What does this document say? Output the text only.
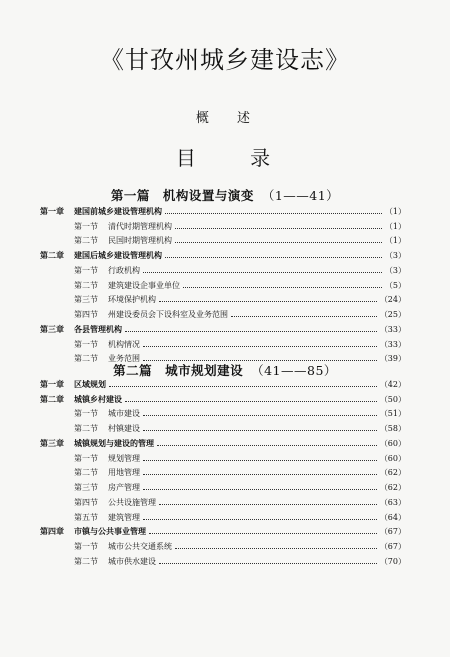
《甘孜州城乡建设志》
概 述
目 录
第一篇　机构设置与演变 （1——41）
第一章	建国前城乡建设管理机构	（1）
第一节	清代时期管理机构	（1）
第二节	民国时期管理机构	（1）
第二章	建国后城乡建设管理机构	（3）
第一节	行政机构	（3）
第二节	建筑建设企事业单位	（5）
第三节	环境保护机构	（24）
第四节	州建设委员会下设科室及业务范围	（25）
第三章	各县管理机构	（33）
第一节	机构情况	（33）
第二节	业务范围	（39）
第二篇　城市规划建设 （41——85）
第一章	区域规划	（42）
第二章	城镇乡村建设	（50）
第一节	城市建设	（51）
第二节	村镇建设	（58）
第三章	城镇规划与建设的管理	（60）
第一节	规划管理	（60）
第二节	用地管理	（62）
第三节	房产管理	（62）
第四节	公共设施管理	（63）
第五节	建筑管理	（64）
第四章	市镇与公共事业管理	（67）
第一节	城市公共交通系统	（67）
第二节	城市供水建设	（70）
